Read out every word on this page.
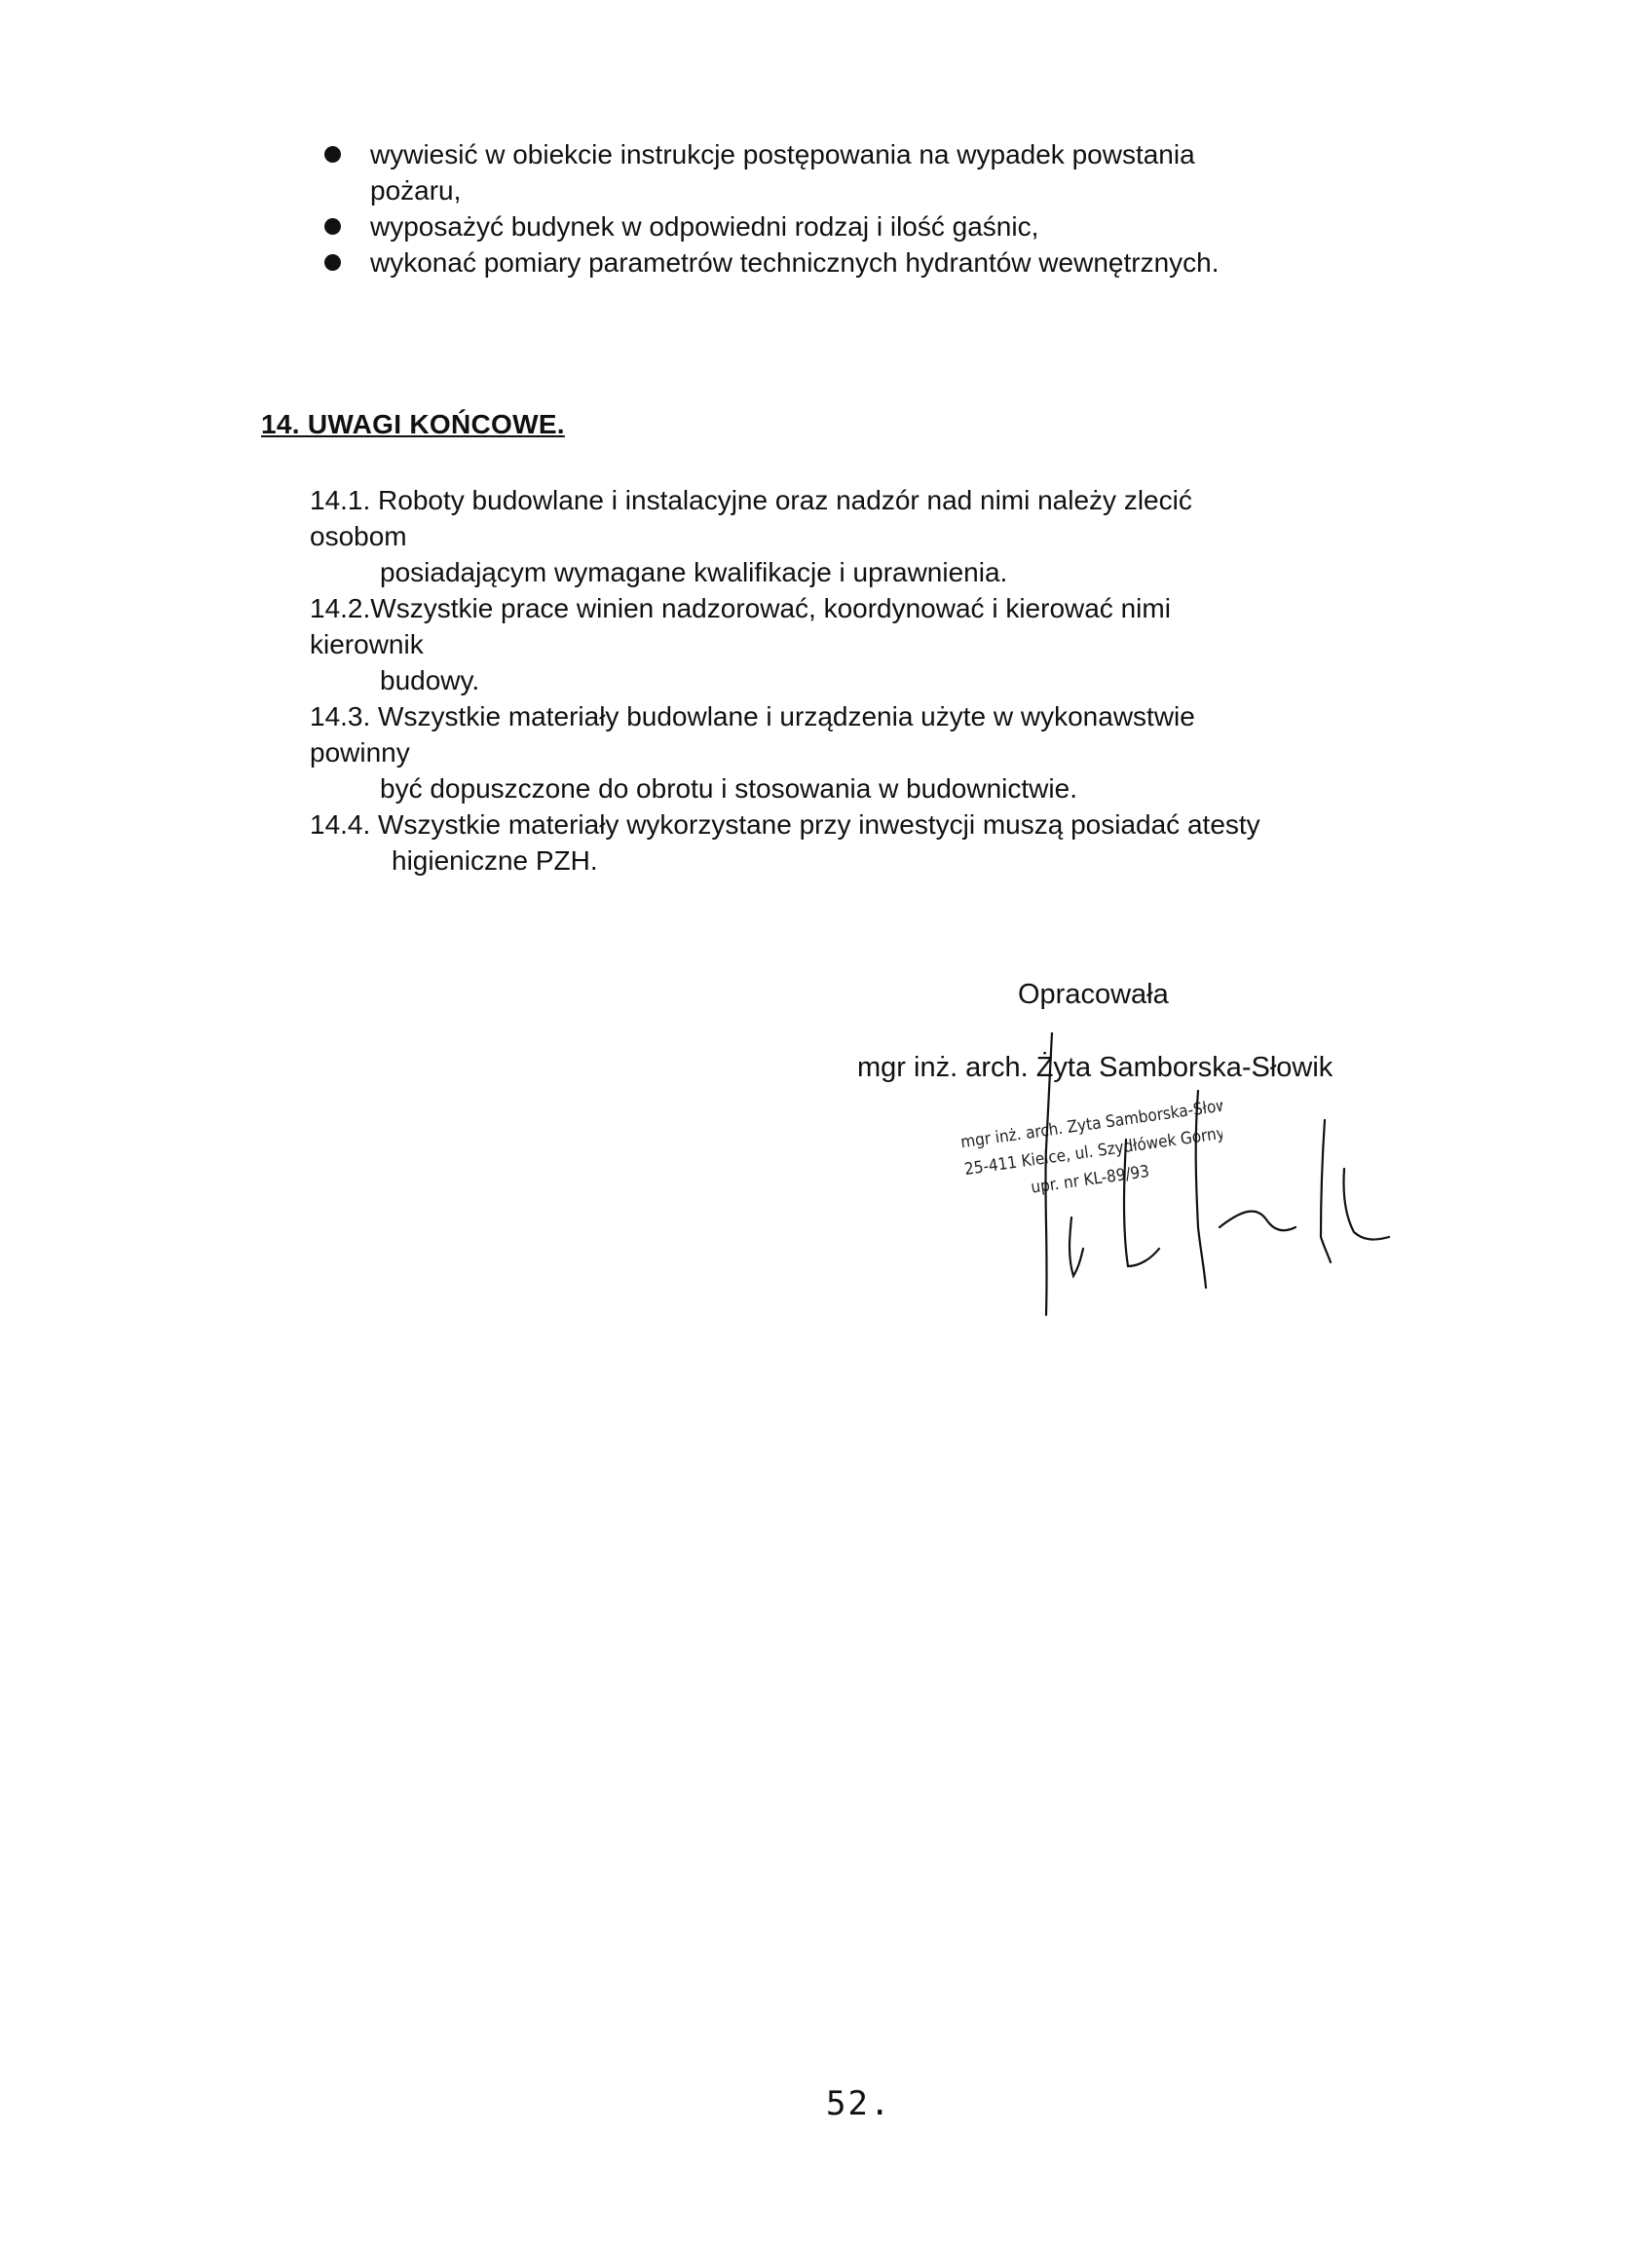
wywiesić w obiekcie instrukcje postępowania na wypadek powstania
pożaru,
wyposażyć budynek w odpowiedni rodzaj i ilość gaśnic,
wykonać pomiary parametrów technicznych hydrantów wewnętrznych.
14. UWAGI KOŃCOWE.
14.1. Roboty budowlane i instalacyjne oraz nadzór nad nimi należy zlecić
osobom
posiadającym wymagane kwalifikacje i uprawnienia.
14.2.Wszystkie prace winien nadzorować, koordynować i kierować nimi
kierownik
budowy.
14.3. Wszystkie materiały budowlane i urządzenia użyte w wykonawstwie
powinny
być dopuszczone do obrotu i stosowania w budownictwie.
14.4. Wszystkie materiały wykorzystane przy inwestycji muszą posiadać atesty
higieniczne PZH.
Opracowała
mgr inż. arch. Żyta Samborska-Słowik
mgr inż. arch. Zyta Samborska-Słowik
25-411 Kielce, ul. Szydłówek Górny
upr. nr KL-89/93
52.
